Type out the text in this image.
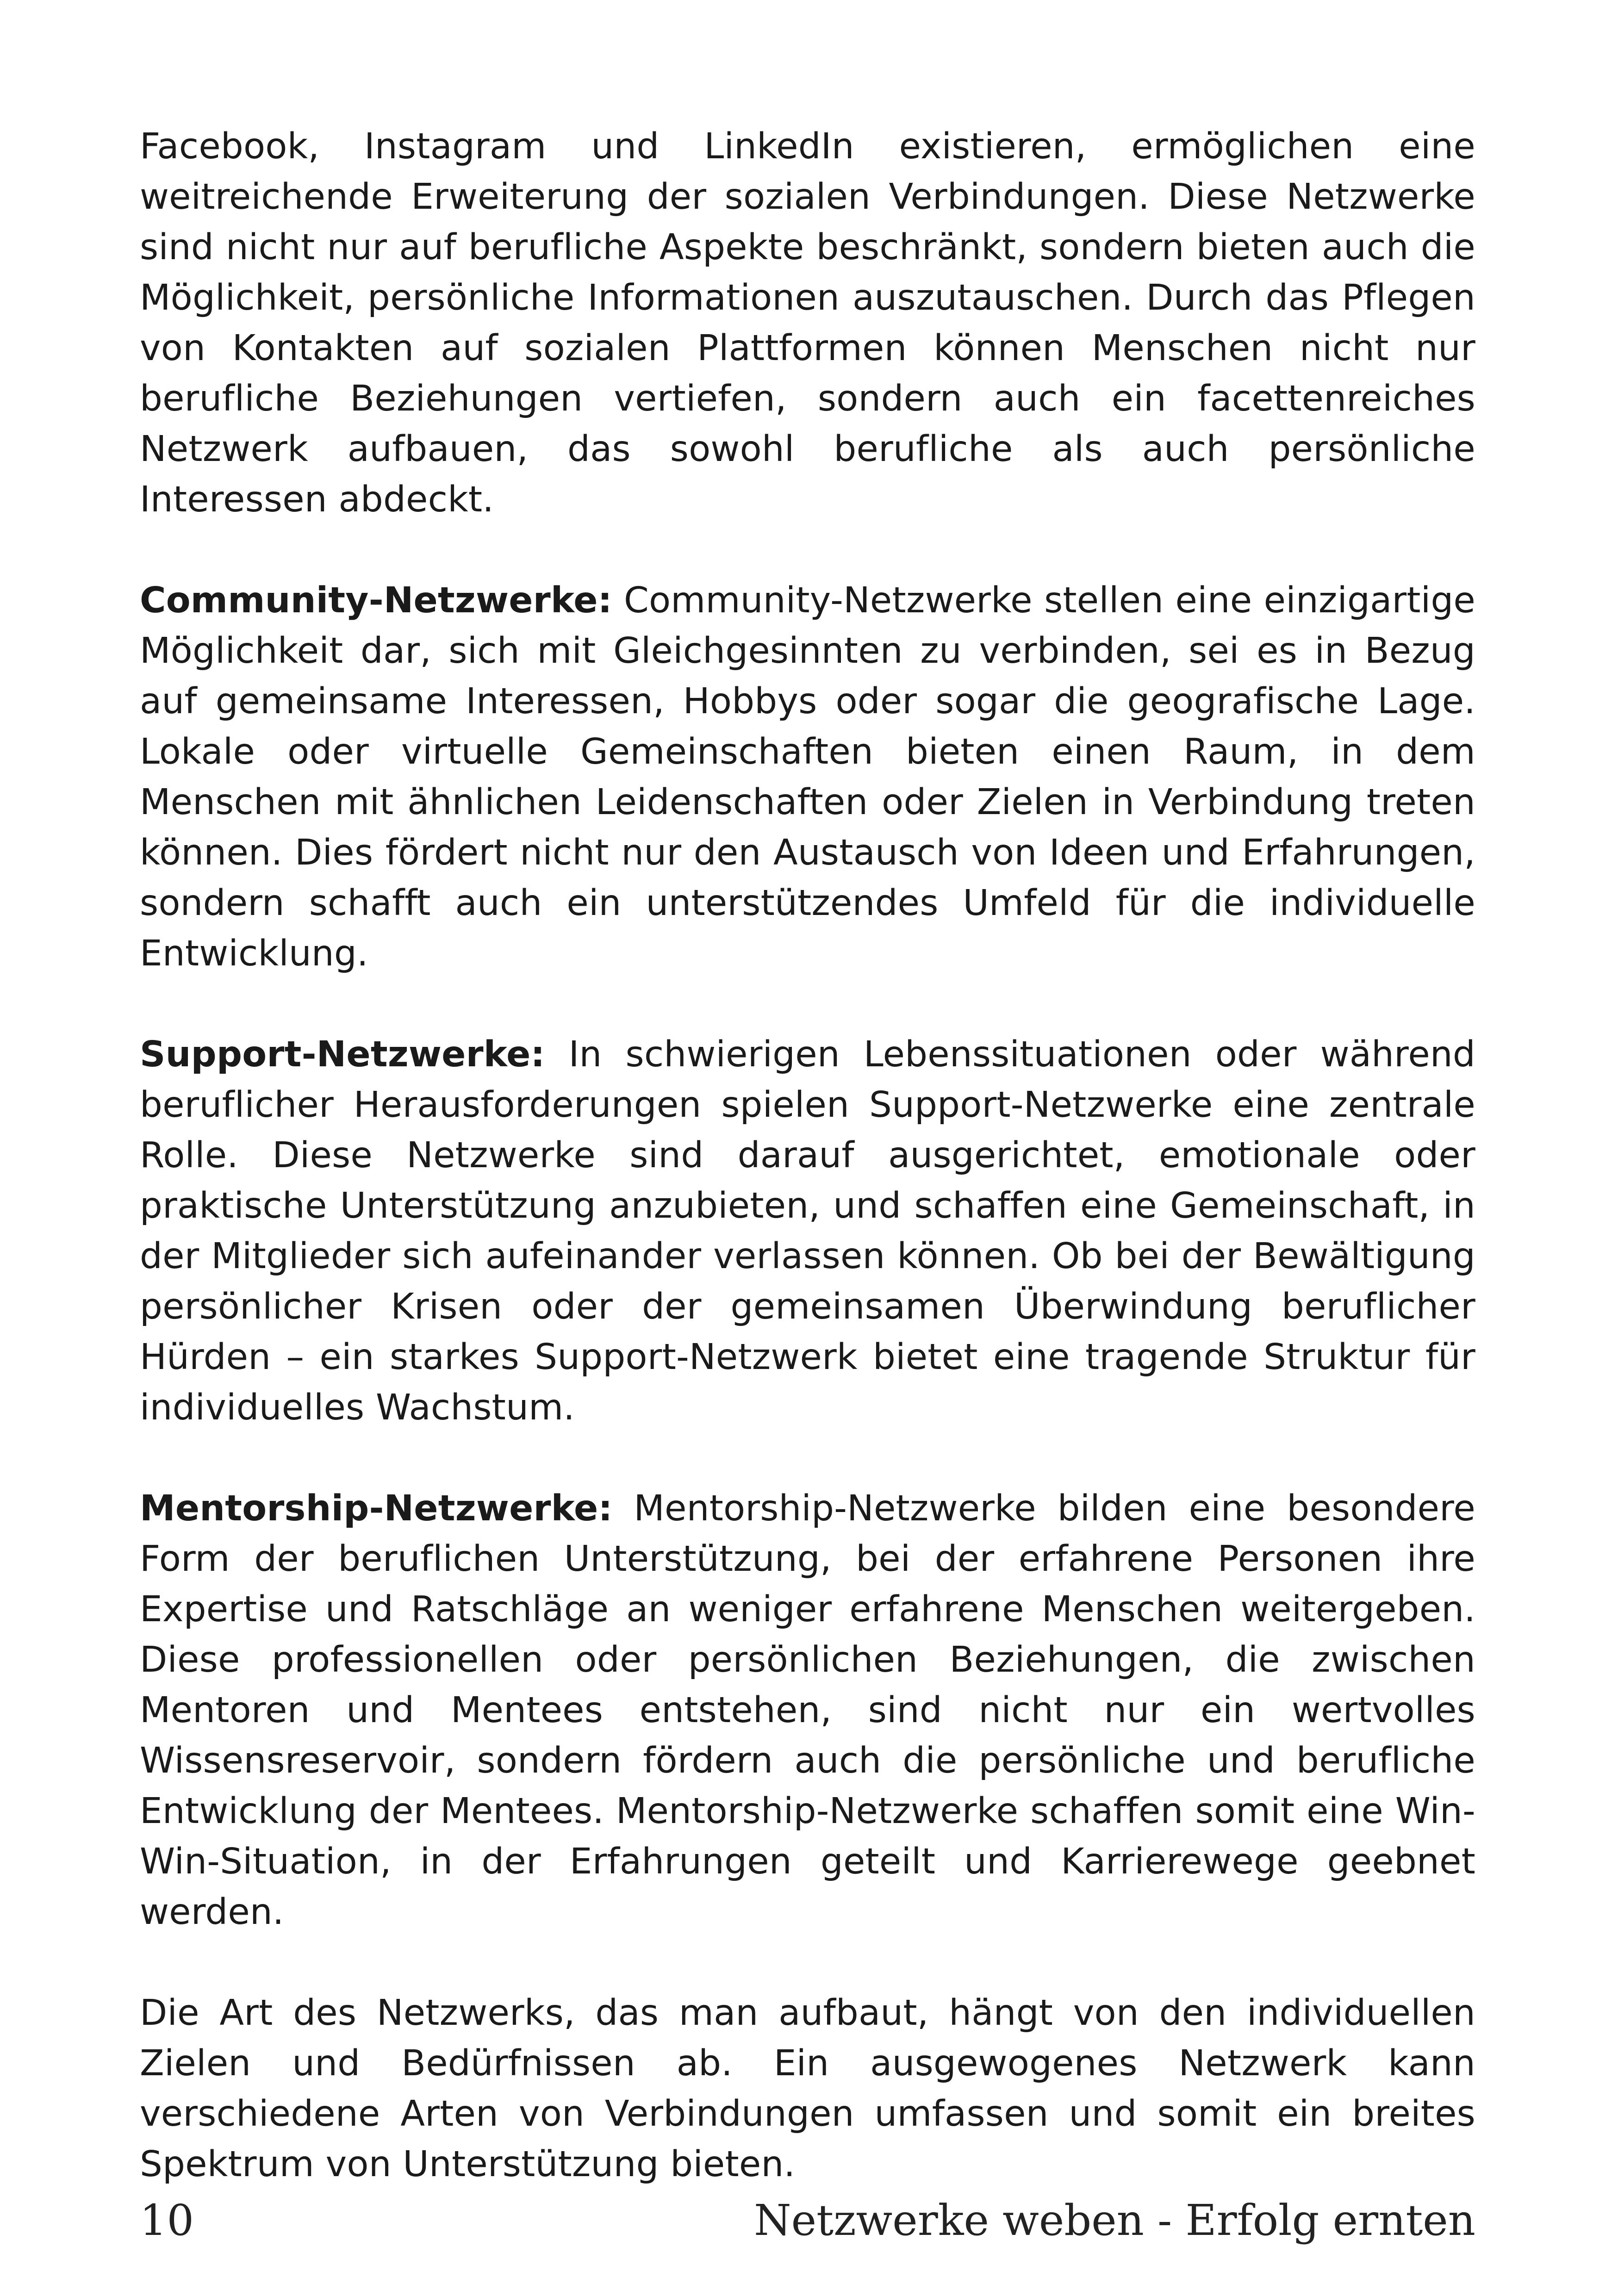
Facebook, Instagram und LinkedIn existieren, ermöglichen eine weitreichende Erweiterung der sozialen Verbindungen. Diese Netzwerke sind nicht nur auf berufliche Aspekte beschränkt, sondern bieten auch die Möglichkeit, persönliche Informationen auszutauschen. Durch das Pflegen von Kontakten auf sozialen Plattformen können Menschen nicht nur berufliche Beziehungen vertiefen, sondern auch ein facettenreiches Netzwerk aufbauen, das sowohl berufliche als auch persönliche Interessen abdeckt.

Community-Netzwerke: Community-Netzwerke stellen eine einzigartige Möglichkeit dar, sich mit Gleichgesinnten zu verbinden, sei es in Bezug auf gemeinsame Interessen, Hobbys oder sogar die geografische Lage. Lokale oder virtuelle Gemeinschaften bieten einen Raum, in dem Menschen mit ähnlichen Leidenschaften oder Zielen in Verbindung treten können. Dies fördert nicht nur den Austausch von Ideen und Erfahrungen, sondern schafft auch ein unterstützendes Umfeld für die individuelle Entwicklung.

Support-Netzwerke: In schwierigen Lebenssituationen oder während beruflicher Herausforderungen spielen Support-Netzwerke eine zentrale Rolle. Diese Netzwerke sind darauf ausgerichtet, emotionale oder praktische Unterstützung anzubieten, und schaffen eine Gemeinschaft, in der Mitglieder sich aufeinander verlassen können. Ob bei der Bewältigung persönlicher Krisen oder der gemeinsamen Überwindung beruflicher Hürden – ein starkes Support-Netzwerk bietet eine tragende Struktur für individuelles Wachstum.

Mentorship-Netzwerke: Mentorship-Netzwerke bilden eine besondere Form der beruflichen Unterstützung, bei der erfahrene Personen ihre Expertise und Ratschläge an weniger erfahrene Menschen weitergeben. Diese professionellen oder persönlichen Beziehungen, die zwischen Mentoren und Mentees entstehen, sind nicht nur ein wertvolles Wissensreservoir, sondern fördern auch die persönliche und berufliche Entwicklung der Mentees. Mentorship-Netzwerke schaffen somit eine Win-Win-Situation, in der Erfahrungen geteilt und Karrierewege geebnet werden.

Die Art des Netzwerks, das man aufbaut, hängt von den individuellen Zielen und Bedürfnissen ab. Ein ausgewogenes Netzwerk kann verschiedene Arten von Verbindungen umfassen und somit ein breites Spektrum von Unterstützung bieten.

10	Netzwerke weben - Erfolg ernten
